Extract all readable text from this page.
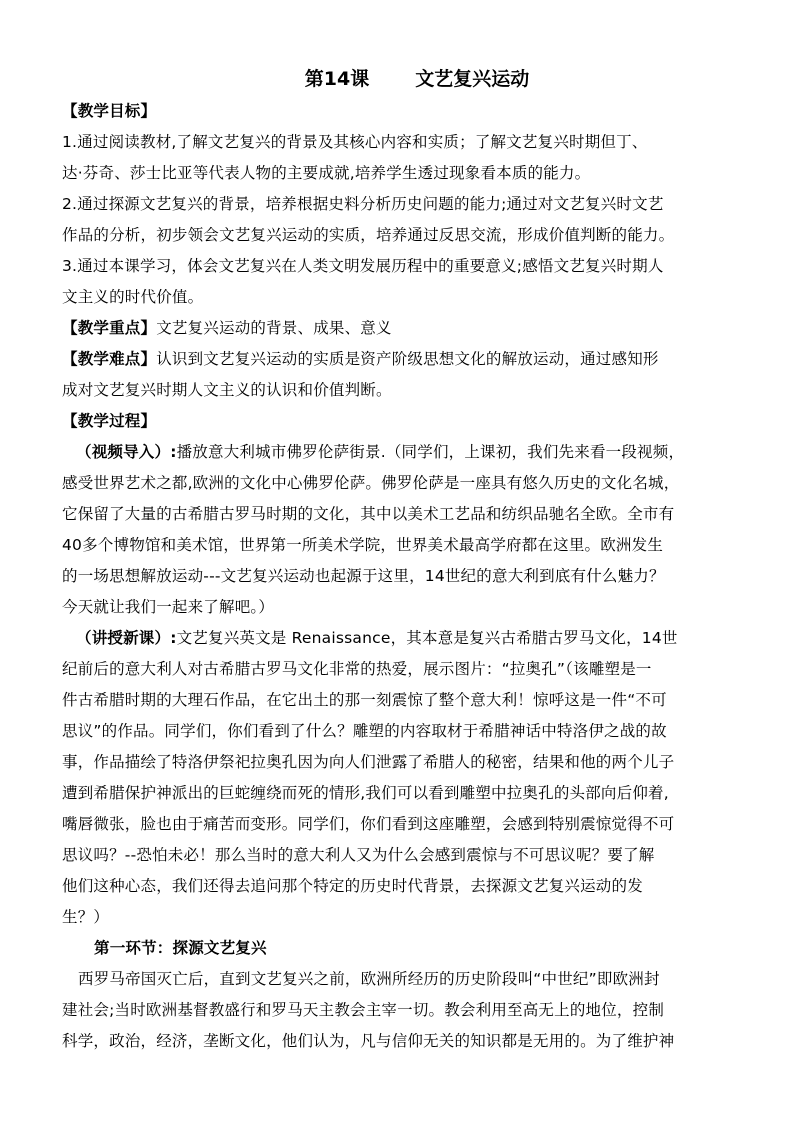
第14课 文艺复兴运动
【教学目标】
1.通过阅读教材,了解文艺复兴的背景及其核心内容和实质；了解文艺复兴时期但丁、
达·芬奇、莎士比亚等代表人物的主要成就,培养学生透过现象看本质的能力。
2.通过探源文艺复兴的背景，培养根据史料分析历史问题的能力;通过对文艺复兴时文艺
作品的分析，初步领会文艺复兴运动的实质，培养通过反思交流，形成价值判断的能力。
3.通过本课学习，体会文艺复兴在人类文明发展历程中的重要意义;感悟文艺复兴时期人
文主义的时代价值。
【教学重点】文艺复兴运动的背景、成果、意义
【教学难点】认识到文艺复兴运动的实质是资产阶级思想文化的解放运动，通过感知形
成对文艺复兴时期人文主义的认识和价值判断。
【教学过程】
（视频导入）:播放意大利城市佛罗伦萨街景.（同学们，上课初，我们先来看一段视频，
感受世界艺术之都,欧洲的文化中心佛罗伦萨。佛罗伦萨是一座具有悠久历史的文化名城，
它保留了大量的古希腊古罗马时期的文化，其中以美术工艺品和纺织品驰名全欧。全市有
40多个博物馆和美术馆，世界第一所美术学院，世界美术最高学府都在这里。欧洲发生
的一场思想解放运动---文艺复兴运动也起源于这里，14世纪的意大利到底有什么魅力？
今天就让我们一起来了解吧。）
（讲授新课）:文艺复兴英文是 Renaissance，其本意是复兴古希腊古罗马文化，14世
纪前后的意大利人对古希腊古罗马文化非常的热爱，展示图片：“拉奥孔”（该雕塑是一
件古希腊时期的大理石作品，在它出土的那一刻震惊了整个意大利！惊呼这是一件“不可
思议”的作品。同学们，你们看到了什么？雕塑的内容取材于希腊神话中特洛伊之战的故
事，作品描绘了特洛伊祭祀拉奥孔因为向人们泄露了希腊人的秘密，结果和他的两个儿子
遭到希腊保护神派出的巨蛇缠绕而死的情形,我们可以看到雕塑中拉奥孔的头部向后仰着,
嘴唇微张，脸也由于痛苦而变形。同学们，你们看到这座雕塑，会感到特别震惊觉得不可
思议吗？--恐怕未必！那么当时的意大利人又为什么会感到震惊与不可思议呢？要了解
他们这种心态，我们还得去追问那个特定的历史时代背景，去探源文艺复兴运动的发
生？）
第一环节：探源文艺复兴
西罗马帝国灭亡后，直到文艺复兴之前，欧洲所经历的历史阶段叫“中世纪”即欧洲封
建社会;当时欧洲基督教盛行和罗马天主教会主宰一切。教会利用至高无上的地位，控制
科学，政治，经济，垄断文化，他们认为，凡与信仰无关的知识都是无用的。为了维护神
